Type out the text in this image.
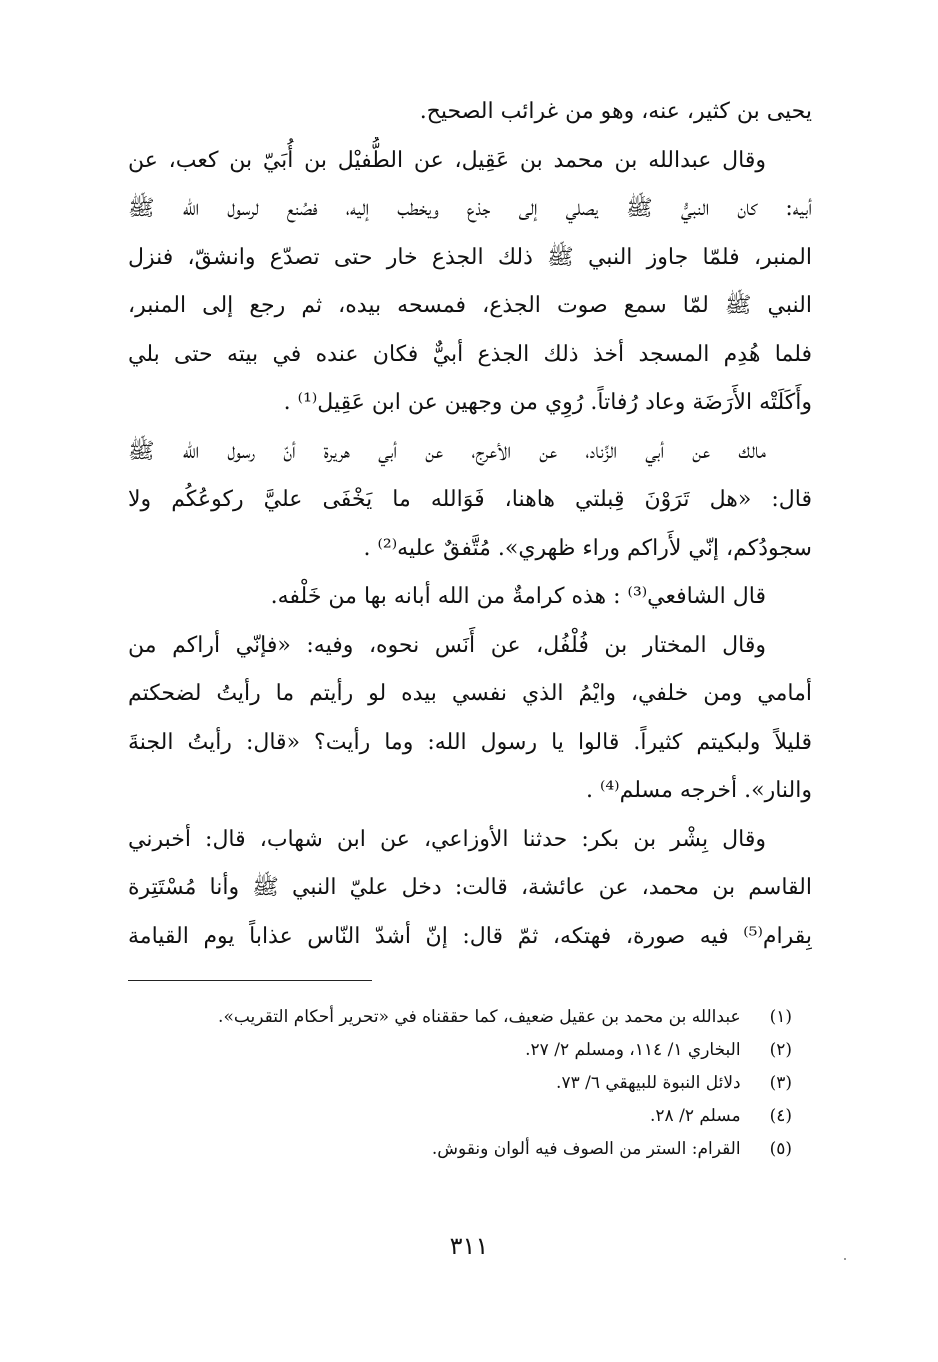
يحيى بن كثير، عنه، وهو من غرائب الصحيح.
وقال عبدالله بن محمد بن عَقِيل، عن الطُّفيْل بن أُبَيّ بن كعب، عن
أبيه: كان النبيُّ ﷺ يصلي إلى جذع ويخطب إليه، فصُنع لرسول الله ﷺ
المنبر، فلمّا جاوز النبي ﷺ ذلك الجذع خار حتى تصدّع وانشقّ، فنزل
النبي ﷺ لمّا سمع صوت الجذع، فمسحه بيده، ثم رجع إلى المنبر،
فلما هُدِم المسجد أخذ ذلك الجذع أبيٌّ فكان عنده في بيته حتى بلي
وأَكَلَتْه الأَرَضَة وعاد رُفاتاً. رُوِي من وجهين عن ابن عَقِيل⁽¹⁾ .
مالك عن أبي الزِّناد، عن الأعرج، عن أبي هريرة أنّ رسول الله ﷺ
قال: «هل تَرَوْنَ قِبلتي هاهنا، فَوَالله ما يَخْفَى عليَّ ركوعُكُم ولا
سجودُكم، إنّي لأَراكم وراء ظهري». مُتَّفقٌ عليه⁽²⁾ .
قال الشافعي⁽³⁾ : هذه كرامةٌ من الله أبانه بها من خَلْفه.
وقال المختار بن فُلْفُل، عن أَنَس نحوه، وفيه: «فإنّي أراكم من
أمامي ومن خلفي، وايْمُ الذي نفسي بيده لو رأيتم ما رأيتُ لضحكتم
قليلاً ولبكيتم كثيراً. قالوا يا رسول الله: وما رأيت؟ «قال: رأيتُ الجنةَ
والنار». أخرجه مسلم⁽⁴⁾ .
وقال بِشْر بن بكر: حدثنا الأوزاعي، عن ابن شهاب، قال: أخبرني
القاسم بن محمد، عن عائشة، قالت: دخل عليّ النبي ﷺ وأنا مُسْتَتِرة
بِقرام⁽⁵⁾ فيه صورة، فهتكه، ثمّ قال: إنّ أشدّ النّاس عذاباً يوم القيامة
(١) عبدالله بن محمد بن عقيل ضعيف، كما حققناه في «تحرير أحكام التقريب».
(٢) البخاري ١/ ١١٤، ومسلم ٢/ ٢٧.
(٣) دلائل النبوة للبيهقي ٦/ ٧٣.
(٤) مسلم ٢/ ٢٨.
(٥) القرام: الستر من الصوف فيه ألوان ونقوش.
٣١١
